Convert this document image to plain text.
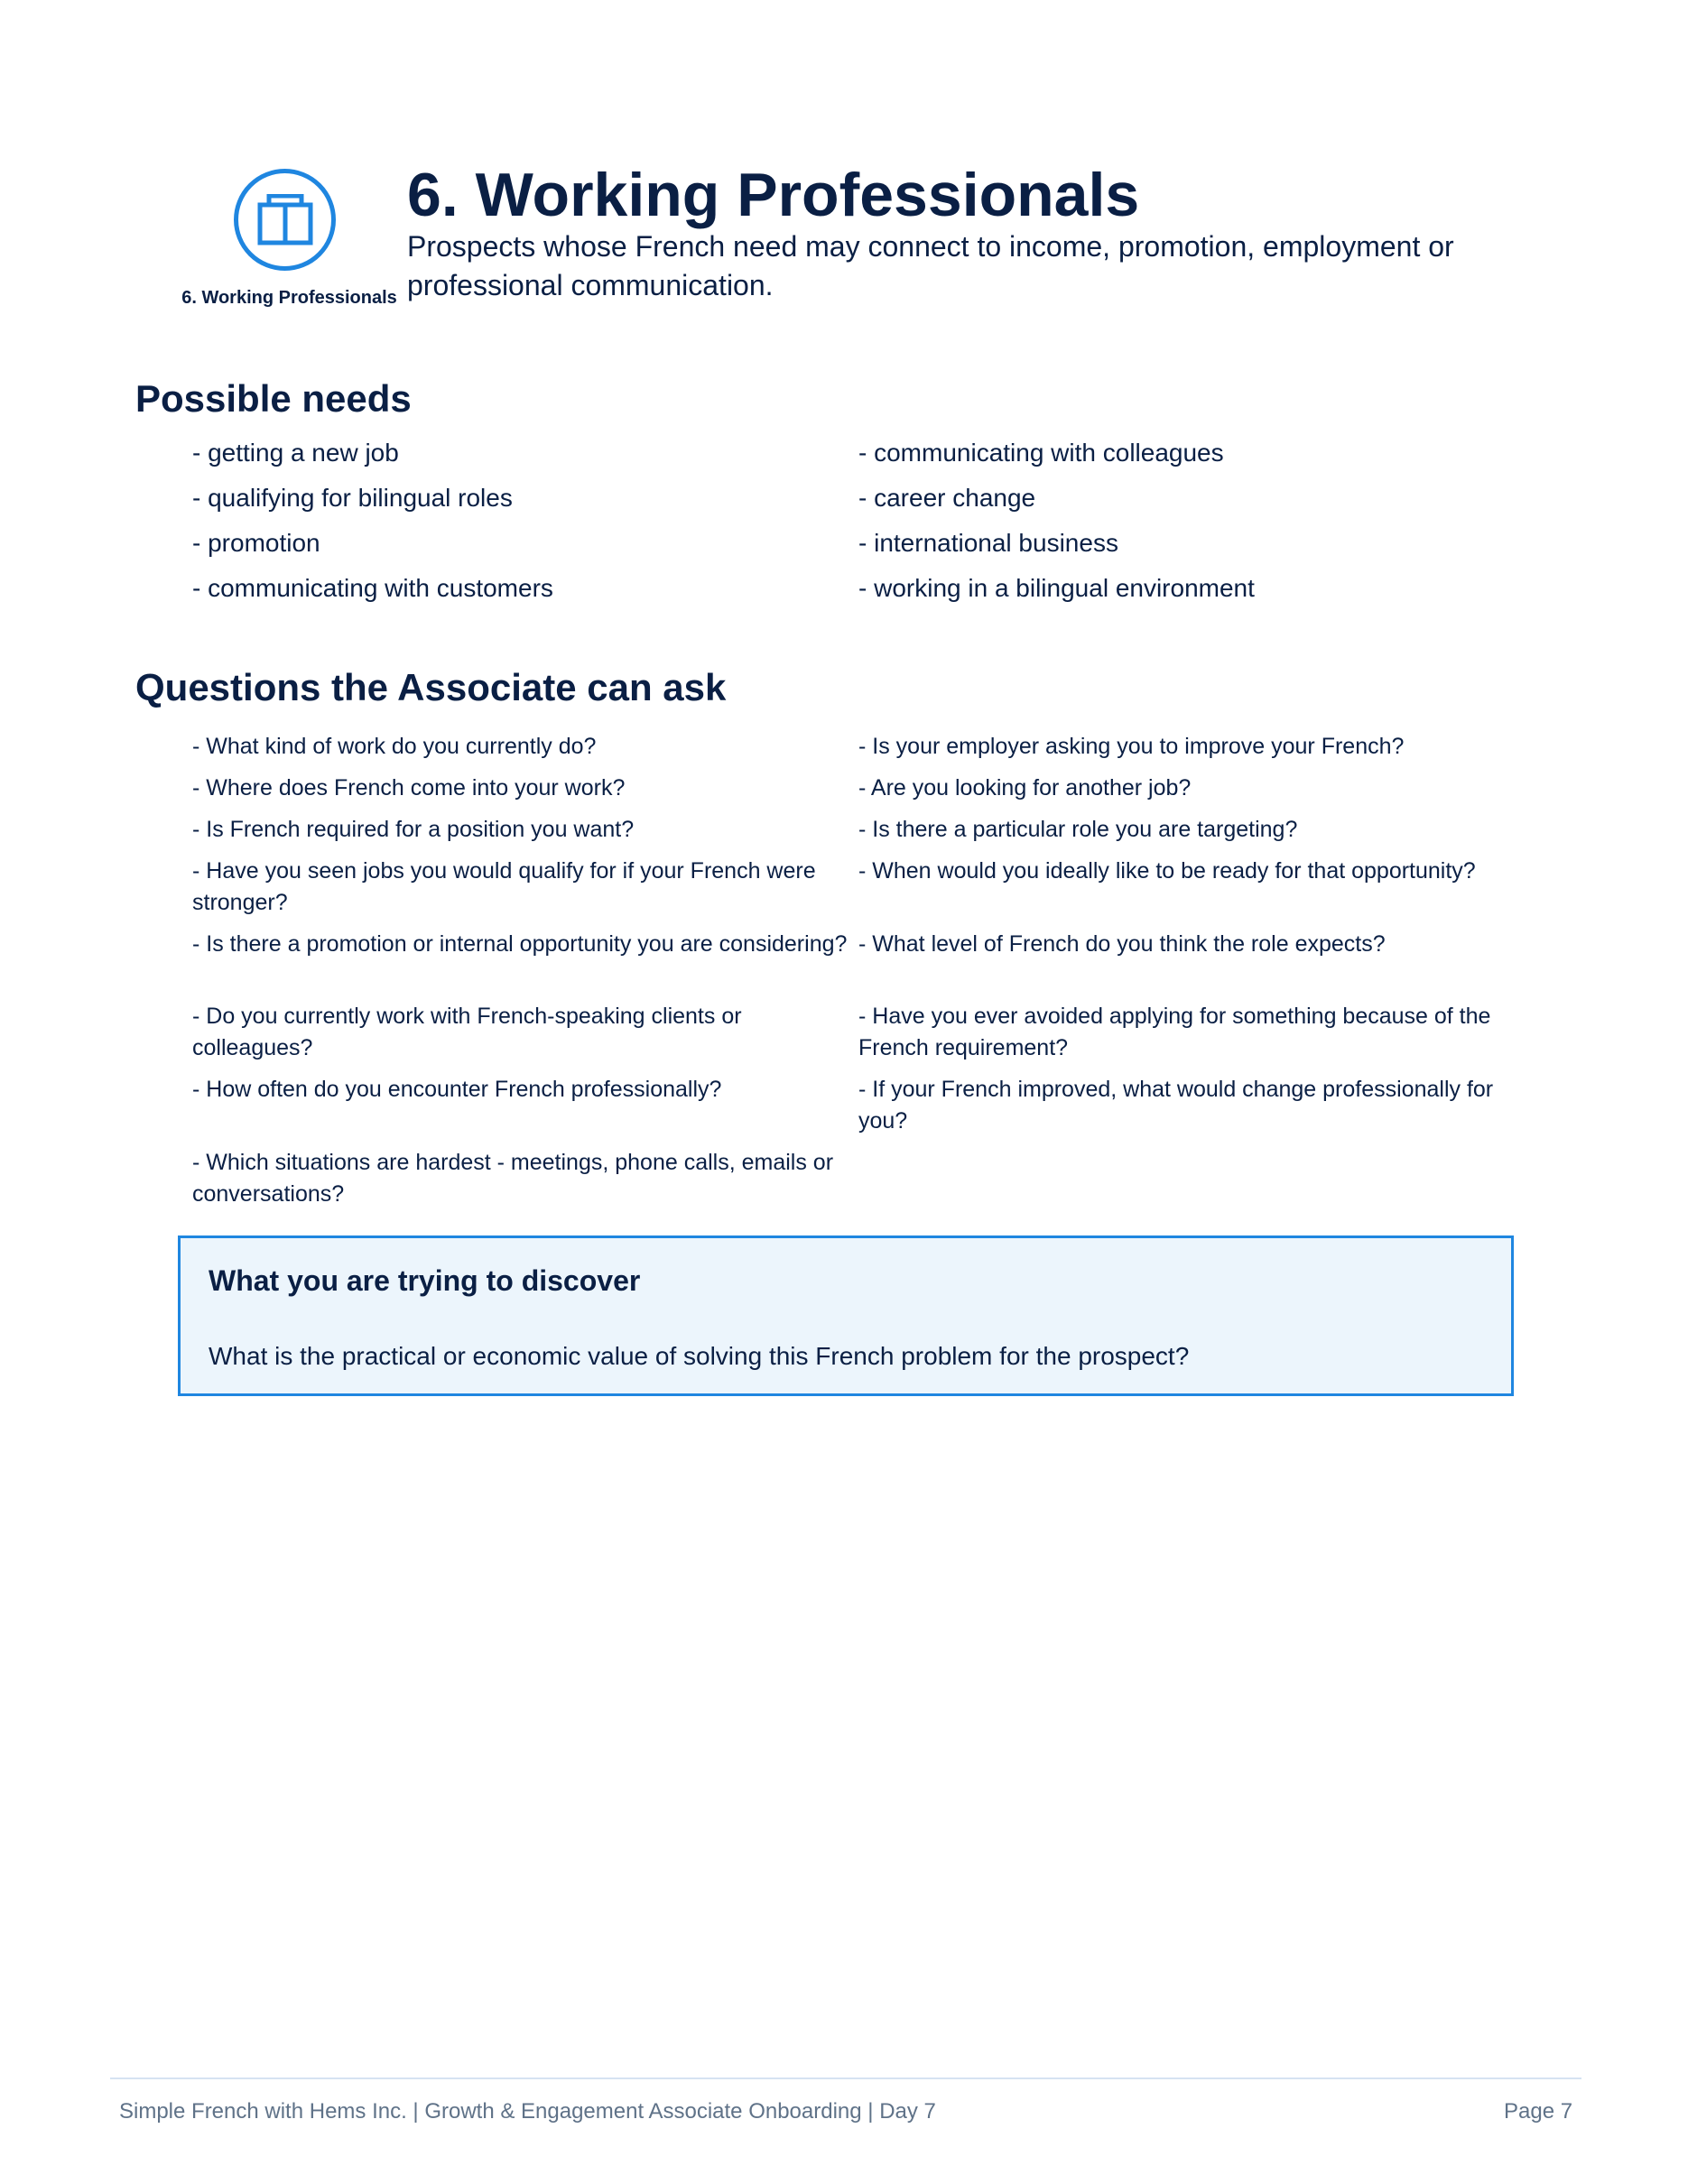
6. Working Professionals
6. Working Professionals

Prospects whose French need may connect to income, promotion, employment or professional communication.

Possible needs
- getting a new job
- qualifying for bilingual roles
- promotion
- communicating with customers
- communicating with colleagues
- career change
- international business
- working in a bilingual environment
Questions the Associate can ask
- What kind of work do you currently do?
- Where does French come into your work?
- Is French required for a position you want?
- Have you seen jobs you would qualify for if your French were stronger?
- Is there a promotion or internal opportunity you are considering?
- Do you currently work with French-speaking clients or colleagues?
- How often do you encounter French professionally?
- Which situations are hardest - meetings, phone calls, emails or conversations?
- Is your employer asking you to improve your French?
- Are you looking for another job?
- Is there a particular role you are targeting?
- When would you ideally like to be ready for that opportunity?
- What level of French do you think the role expects?
- Have you ever avoided applying for something because of the French requirement?
- If your French improved, what would change professionally for you?
What you are trying to discover

What is the practical or economic value of solving this French problem for the prospect?

Simple French with Hems Inc. | Growth & Engagement Associate Onboarding | Day 7	Page 7
